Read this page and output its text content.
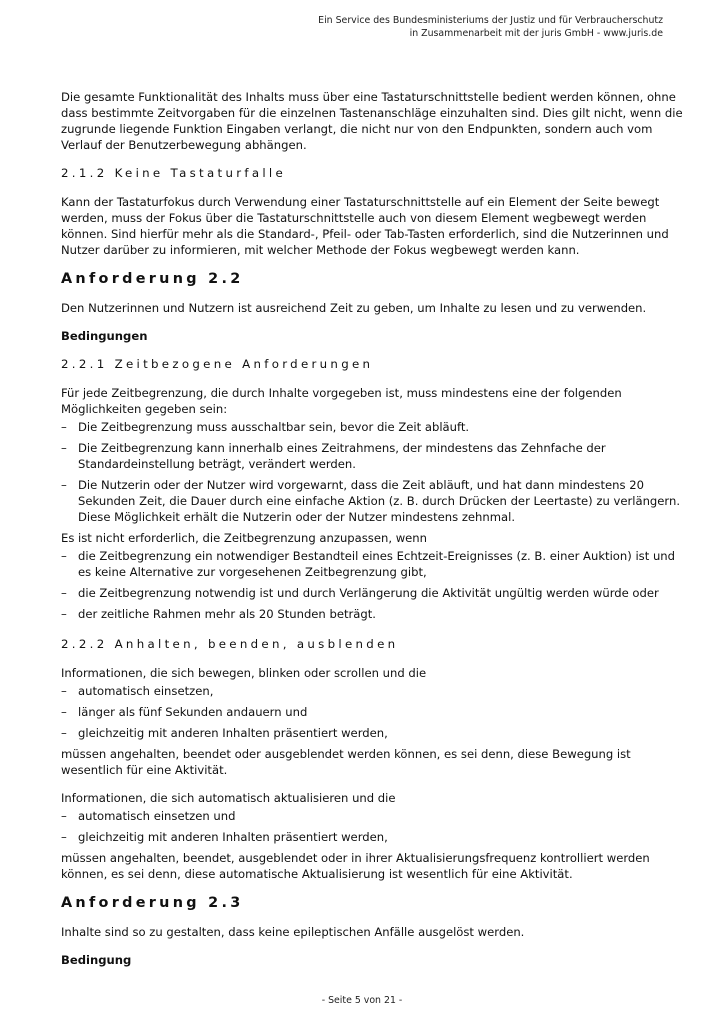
Ein Service des Bundesministeriums der Justiz und für Verbraucherschutz
in Zusammenarbeit mit der juris GmbH - www.juris.de

Die gesamte Funktionalität des Inhalts muss über eine Tastaturschnittstelle bedient werden können, ohne dass bestimmte Zeitvorgaben für die einzelnen Tastenanschläge einzuhalten sind. Dies gilt nicht, wenn die zugrunde liegende Funktion Eingaben verlangt, die nicht nur von den Endpunkten, sondern auch vom Verlauf der Benutzerbewegung abhängen.

2.1.2 Keine Tastaturfalle

Kann der Tastaturfokus durch Verwendung einer Tastaturschnittstelle auf ein Element der Seite bewegt werden, muss der Fokus über die Tastaturschnittstelle auch von diesem Element wegbewegt werden können. Sind hierfür mehr als die Standard-, Pfeil- oder Tab-Tasten erforderlich, sind die Nutzerinnen und Nutzer darüber zu informieren, mit welcher Methode der Fokus wegbewegt werden kann.

Anforderung 2.2

Den Nutzerinnen und Nutzern ist ausreichend Zeit zu geben, um Inhalte zu lesen und zu verwenden.

Bedingungen
2.2.1 Zeitbezogene Anforderungen

Für jede Zeitbegrenzung, die durch Inhalte vorgegeben ist, muss mindestens eine der folgenden Möglichkeiten gegeben sein:

– Die Zeitbegrenzung muss ausschaltbar sein, bevor die Zeit abläuft.
– Die Zeitbegrenzung kann innerhalb eines Zeitrahmens, der mindestens das Zehnfache der Standardeinstellung beträgt, verändert werden.
– Die Nutzerin oder der Nutzer wird vorgewarnt, dass die Zeit abläuft, und hat dann mindestens 20 Sekunden Zeit, die Dauer durch eine einfache Aktion (z. B. durch Drücken der Leertaste) zu verlängern. Diese Möglichkeit erhält die Nutzerin oder der Nutzer mindestens zehnmal.

Es ist nicht erforderlich, die Zeitbegrenzung anzupassen, wenn

– die Zeitbegrenzung ein notwendiger Bestandteil eines Echtzeit-Ereignisses (z. B. einer Auktion) ist und es keine Alternative zur vorgesehenen Zeitbegrenzung gibt,
– die Zeitbegrenzung notwendig ist und durch Verlängerung die Aktivität ungültig werden würde oder
– der zeitliche Rahmen mehr als 20 Stunden beträgt.
2.2.2 Anhalten, beenden, ausblenden

Informationen, die sich bewegen, blinken oder scrollen und die

– automatisch einsetzen,
– länger als fünf Sekunden andauern und
– gleichzeitig mit anderen Inhalten präsentiert werden,

müssen angehalten, beendet oder ausgeblendet werden können, es sei denn, diese Bewegung ist wesentlich für eine Aktivität.

Informationen, die sich automatisch aktualisieren und die

– automatisch einsetzen und
– gleichzeitig mit anderen Inhalten präsentiert werden,

müssen angehalten, beendet, ausgeblendet oder in ihrer Aktualisierungsfrequenz kontrolliert werden können, es sei denn, diese automatische Aktualisierung ist wesentlich für eine Aktivität.

Anforderung 2.3

Inhalte sind so zu gestalten, dass keine epileptischen Anfälle ausgelöst werden.

Bedingung
- Seite 5 von 21 -
